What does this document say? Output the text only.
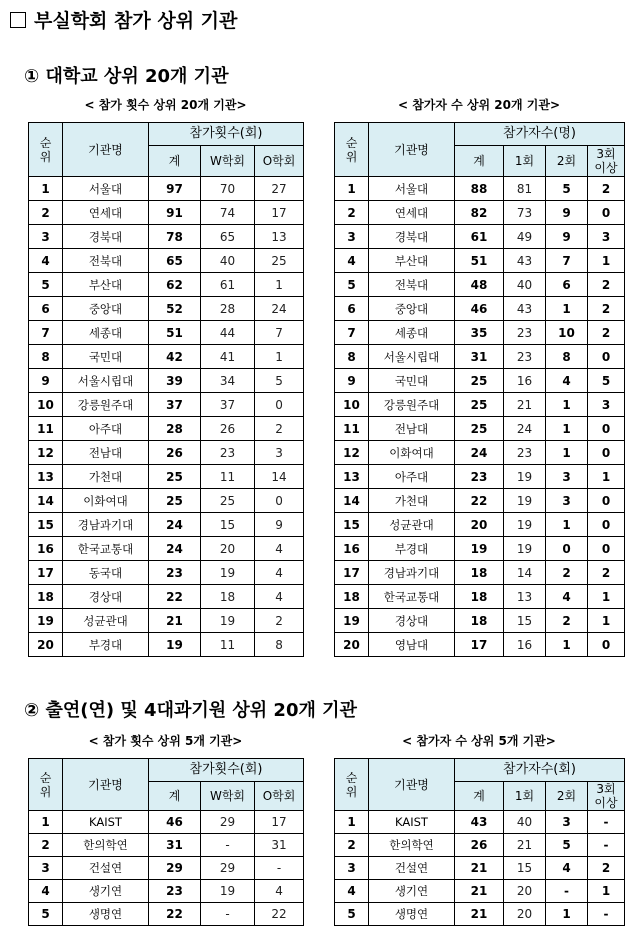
부실학회 참가 상위 기관
① 대학교 상위 20개 기관
< 참가 횟수 상위 20개 기관>	< 참가자 수 상위 20개 기관>
순
위	기관명	참가횟수(회)		
		계	W학회	O학회
1	서울대	97	70	27
2	연세대	91	74	17
3	경북대	78	65	13
4	전북대	65	40	25
5	부산대	62	61	1
6	중앙대	52	28	24
7	세종대	51	44	7
8	국민대	42	41	1
9	서울시립대	39	34	5
10	강릉원주대	37	37	0
11	아주대	28	26	2
12	전남대	26	23	3
13	가천대	25	11	14
14	이화여대	25	25	0
15	경남과기대	24	15	9
16	한국교통대	24	20	4
17	동국대	23	19	4
18	경상대	22	18	4
19	성균관대	21	19	2
20	부경대	19	11	8
순
위	기관명	참가자수(명)			
		계	1회	2회	3회
이상
1	서울대	88	81	5	2
2	연세대	82	73	9	0
3	경북대	61	49	9	3
4	부산대	51	43	7	1
5	전북대	48	40	6	2
6	중앙대	46	43	1	2
7	세종대	35	23	10	2
8	서울시립대	31	23	8	0
9	국민대	25	16	4	5
10	강릉원주대	25	21	1	3
11	전남대	25	24	1	0
12	이화여대	24	23	1	0
13	아주대	23	19	3	1
14	가천대	22	19	3	0
15	성균관대	20	19	1	0
16	부경대	19	19	0	0
17	경남과기대	18	14	2	2
18	한국교통대	18	13	4	1
19	경상대	18	15	2	1
20	영남대	17	16	1	0
② 출연(연) 및 4대과기원 상위 20개 기관
< 참가 횟수 상위 5개 기관>	< 참가자 수 상위 5개 기관>
순
위	기관명	참가횟수(회)		
		계	W학회	O학회
1	KAIST	46	29	17
2	한의학연	31	-	31
3	건설연	29	29	-
4	생기연	23	19	4
5	생명연	22	-	22
순
위	기관명	참가자수(회)			
		계	1회	2회	3회
이상
1	KAIST	43	40	3	-
2	한의학연	26	21	5	-
3	건설연	21	15	4	2
4	생기연	21	20	-	1
5	생명연	21	20	1	-
